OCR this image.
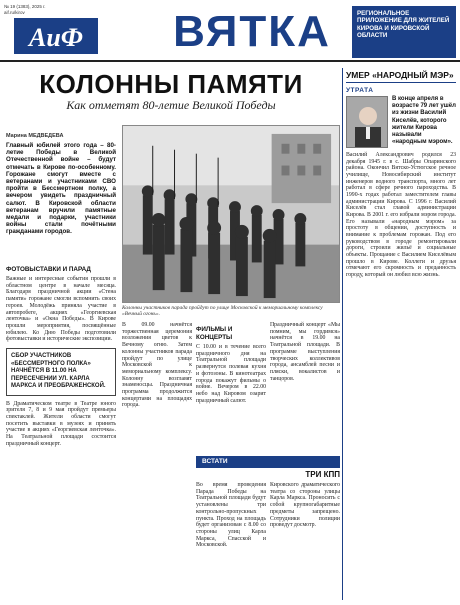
№ 19 (1383), 2025 г.
aif.ru/kirov
АиФ	ВЯТКА	РЕГИОНАЛЬНОЕ ПРИЛОЖЕНИЕ ДЛЯ ЖИТЕЛЕЙ КИРОВА И КИРОВСКОЙ ОБЛАСТИ
КОЛОННЫ ПАМЯТИ
Как отметят 80-летие Великой Победы
Марина МЕДВЕДЕВА
Главный юбилей этого года – 80-летие Победы в Великой Отечественной войне – будут отмечать в Кирове по-особенному. Горожане смогут вместе с ветеранами и участниками СВО пройти в Бессмертном полку, а вечером увидеть праздничный салют. В Кировской области ветеранам вручили памятные медали и подарки, участники войны стали почётными гражданами городов.
ФОТОВЫСТАВКИ И ПАРАД
Важные и интересные события прошли в областном центре в начале месяца. Благодаря праздничной акции «Стена памяти» горожане смогли вспомнить своих героев. Молодёжь приняла участие в автопробеге, акциях «Георгиевская ленточка» и «Окна Победы». В Кирове прошли мероприятия, посвящённые юбилею. Ко Дню Победы подготовили фотовыставки и исторические экспозиции.
СБОР УЧАСТНИКОВ «БЕССМЕРТНОГО ПОЛКА» НАЧНЁТСЯ В 11.00 НА ПЕРЕСЕЧЕНИИ УЛ. КАРЛА МАРКСА И ПРЕОБРАЖЕНСКОЙ.
В Драматическом театре в Театре юного зрителя 7, 8 и 9 мая пройдут премьеры спектаклей. Жители области смогут посетить выставки в музеях и принять участие в акциях «Георгиевская ленточка». На Театральной площади состоится праздничный концерт.
Колонны участников парада пройдут по улице Московской к мемориальному комплексу «Вечный огонь».
В 09.00 начнётся торжественная церемония возложения цветов к Вечному огню. Затем колонны участников парада пройдут по улице Московской к мемориальному комплексу. Колонну возглавят знаменосцы. Праздничная программа продолжится концертами на площадях города.
ФИЛЬМЫ И КОНЦЕРТЫ
С 10.00 и в течение всего праздничного дня на Театральной площади развернутся полевая кухня и фотозоны. В кинотеатрах города покажут фильмы о войне. Вечером в 22.00 небо над Кировом озарит праздничный салют.
Праздничный концерт «Мы помним, мы гордимся» начнётся в 19.00 на Театральной площади. В программе выступления творческих коллективов города, ансамблей песни и пляски, вокалистов и танцоров.
ВСТАТИ
ТРИ КПП
Во время проведения Парада Победы на Театральной площади будут установлены три контрольно-пропускных пункта. Проход на площадь будет организован с 8.00 со стороны улиц Карла Маркса, Спасской и Московской.
Кировского драматического театра со стороны улицы Карла Маркса. Проносить с собой крупногабаритные предметы запрещено. Сотрудники полиции проведут досмотр.
УМЕР «НАРОДНЫЙ МЭР»
УТРАТА
В конце апреля в возрасте 79 лет ушёл из жизни Василий Киселёв, которого жители Кирова называли «народным мэром».
Василий Александрович родился 23 декабря 1945 г. в с. Шабры Опаринского района. Окончил Вятско-Устюгское речное училище, Новосибирский институт инженеров водного транспорта, много лет работал в сфере речного пароходства. В 1990-х годах работал заместителем главы администрации Кирова. С 1996 г. Василий Киселёв стал главой администрации Кирова. В 2001 г. его избрали мэром города. Его называли «народным мэром» за простоту в общении, доступность и внимание к проблемам горожан. Под его руководством в городе ремонтировали дороги, строили жильё и социальные объекты. Прощание с Василием Киселёвым прошло в Кирове. Коллеги и друзья отмечают его скромность и преданность городу, который он любил всю жизнь.
